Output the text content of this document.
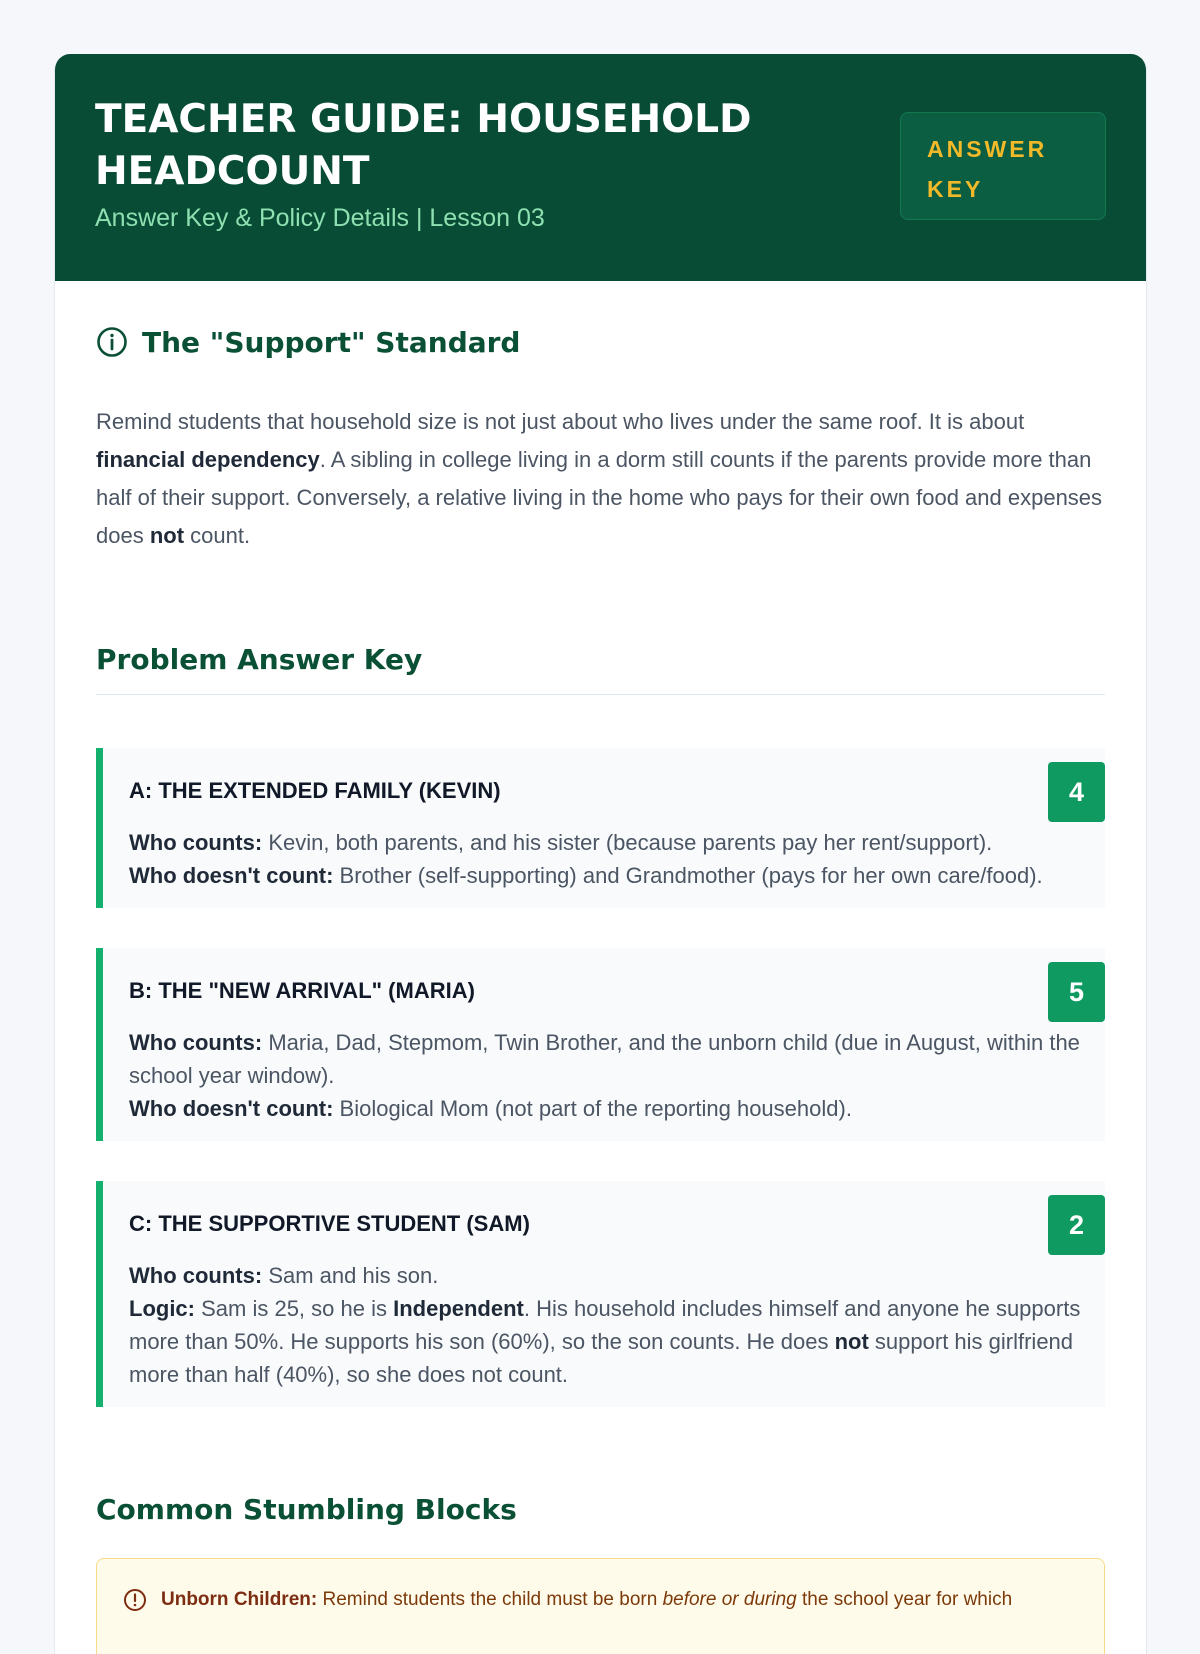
TEACHER GUIDE: HOUSEHOLD HEADCOUNT
Answer Key & Policy Details | Lesson 03
ANSWER
KEY
The "Support" Standard
Remind students that household size is not just about who lives under the same roof. It is about financial dependency. A sibling in college living in a dorm still counts if the parents provide more than half of their support. Conversely, a relative living in the home who pays for their own food and expenses does not count.
Problem Answer Key
4
A: THE EXTENDED FAMILY (KEVIN)
Who counts: Kevin, both parents, and his sister (because parents pay her rent/support).
Who doesn't count: Brother (self-supporting) and Grandmother (pays for her own care/food).
5
B: THE "NEW ARRIVAL" (MARIA)
Who counts: Maria, Dad, Stepmom, Twin Brother, and the unborn child (due in August, within the school year window).
Who doesn't count: Biological Mom (not part of the reporting household).
2
C: THE SUPPORTIVE STUDENT (SAM)
Who counts: Sam and his son.
Logic: Sam is 25, so he is Independent. His household includes himself and anyone he supports more than 50%. He supports his son (60%), so the son counts. He does not support his girlfriend more than half (40%), so she does not count.
Common Stumbling Blocks
Unborn Children: Remind students the child must be born before or during the school year for which
